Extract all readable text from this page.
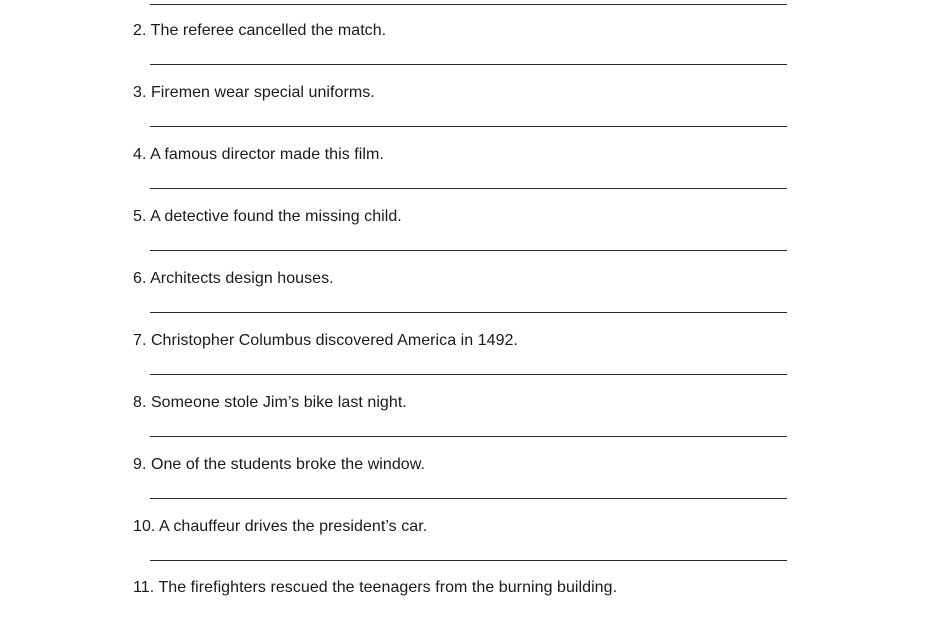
2. The referee cancelled the match.
3. Firemen wear special uniforms.
4. A famous director made this film.
5. A detective found the missing child.
6. Architects design houses.
7. Christopher Columbus discovered America in 1492.
8. Someone stole Jim’s bike last night.
9. One of the students broke the window.
10. A chauffeur drives the president’s car.
11. The firefighters rescued the teenagers from the burning building.
